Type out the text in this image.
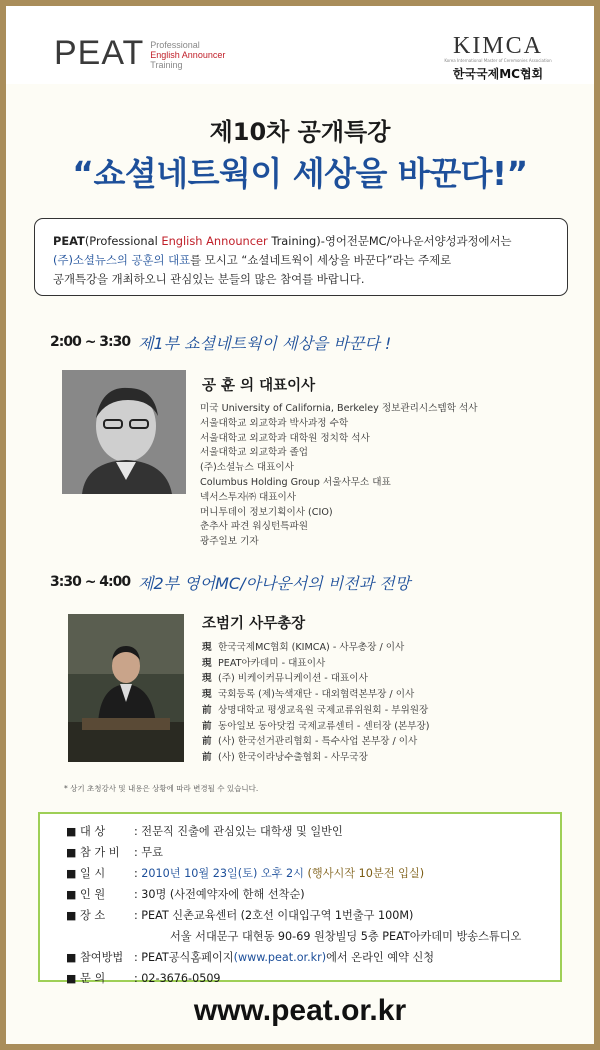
PEAT Professional
English Announcer
Training
KIMCA
Korea International Master of Ceremonies Association
한국국제MC협회
제10차 공개특강
“쇼셜네트웍이 세상을 바꾼다!”
PEAT(Professional English Announcer Training)-영어전문MC/아나운서양성과정에서는
(주)소셜뉴스의 공훈의 대표를 모시고 “쇼셜네트웍이 세상을 바꾼다”라는 주제로
공개특강을 개최하오니 관심있는 분들의 많은 참여를 바랍니다.
2:00 ~ 3:30 제1부 쇼셜네트웍이 세상을 바꾼다 !
공 훈 의 대표이사
미국 University of California, Berkeley 정보관리시스템학 석사
서울대학교 외교학과 박사과정 수학
서울대학교 외교학과 대학원 정치학 석사
서울대학교 외교학과 졸업
(주)소셜뉴스 대표이사
Columbus Holding Group 서울사무소 대표
넥서스투자㈜ 대표이사
머니투데이 정보기획이사 (CIO)
춘추사 파견 워싱턴특파원
광주일보 기자
3:30 ~ 4:00 제2부 영어MC/아나운서의 비전과 전망
조범기 사무총장
現 한국국제MC협회 (KIMCA) - 사무총장 / 이사
現 PEAT아카데미 - 대표이사
現 (주) 비케이커뮤니케이션 - 대표이사
現 국회등록 (제)녹색재단 - 대외협력본부장 / 이사
前 상명대학교 평생교육원 국제교류위원회 - 부위원장
前 동아일보 동아닷컴 국제교류센터 - 센터장 (본부장)
前 (사) 한국선거관리협회 - 특수사업 본부장 / 이사
前 (사) 한국이라낭수출협회 - 사무국장
* 상기 초청강사 및 내용은 상황에 따라 변경될 수 있습니다.
■ 대 상	: 전문직 진출에 관심있는 대학생 및 일반인
■ 참 가 비 : 무료
■ 일 시	: 2010년 10월 23일(토) 오후 2시 (행사시작 10분전 입실)
■ 인 원	: 30명 (사전예약자에 한해 선착순)
■ 장 소	: PEAT 신촌교육센터 (2호선 이대입구역 1번출구 100M)
서울 서대문구 대현동 90-69 원창빌딩 5층 PEAT아카데미 방송스튜디오
■ 참여방법 : PEAT공식홈페이지(www.peat.or.kr)에서 온라인 예약 신청
■ 문 의	: 02-3676-0509
www.peat.or.kr
